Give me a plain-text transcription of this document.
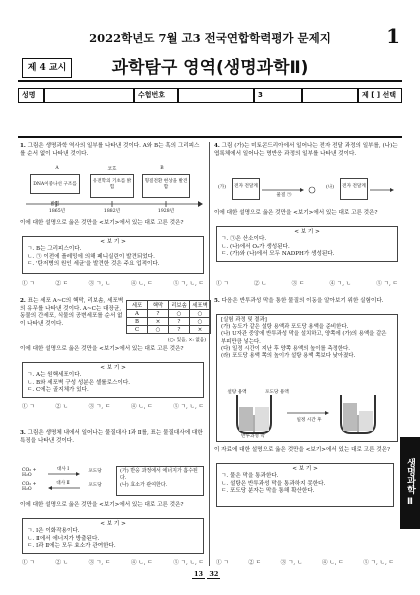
2022학년도 7월 고3 전국연합학력평가 문제지	1
제 4 교시	과학탐구 영역(생명과학Ⅱ)
성명	수험번호	3	제 [ ] 선택
1. 그림은 생명과학 역사의 일부를 나타낸 것이다. A와 B는 혹의 그리피스를 순서 없이 나타낸 것이다.
A	코흐	B
DNA이중나선 구조를 밝힘
유전학의 기초를 밝힘
형질전환 현상을 발견함
1865년	1882년	1928년
이에 대한 설명으로 옳은 것만을 <보기>에서 있는 대로 고른 것은?
< 보 기 >
ㄱ. B는 그리피스이다.
ㄴ. ㉠ 이전에 플레밍에 의해 페니실린이 발견되었다.
ㄷ. '탄저병의 원인 세균'을 발견한 것은 주요 업적이다.
① ㄱ	② ㄷ	③ ㄱ, ㄴ	④ ㄴ, ㄷ	⑤ ㄱ, ㄴ, ㄷ
2. 표는 세포 A~C의 핵막, 리보솜, 세포벽의 유무를 나타낸 것이다. A~C는 대장균, 동물의 간세포, 식물의 공변세포를 순서 없이 나타낸 것이다.
세포	핵막	리보솜	세포벽
A	?	○	○
B	×	?	○
C	○	?	×
(○: 있음, ×: 없음)
이에 대한 설명으로 옳은 것만을 <보기>에서 있는 대로 고른 것은?
< 보 기 >
ㄱ. A는 원핵세포이다.
ㄴ. B와 세포벽 구성 성분은 셀룰로스이다.
ㄷ. C에는 골지체가 있다.
① ㄱ	② ㄴ	③ ㄱ, ㄷ	④ ㄴ, ㄷ	⑤ ㄱ, ㄴ, ㄷ
3. 그림은 생명체 내에서 일어나는 물질대사 Ⅰ과 Ⅱ를, 표는 물질대사에 대한 특징을 나타낸 것이다.
CO₂ + H₂O
대사 Ⅰ	포도당
CO₂ + H₂O
대사 Ⅱ	포도당
(가) 반응 과정에서 에너지가 흡수된다.
(나) 효소가 관여한다.
이에 대한 설명으로 옳은 것만을 <보기>에서 있는 대로 고른 것은?
< 보 기 >
ㄱ. Ⅰ은 이화작용이다.
ㄴ. Ⅱ에서 에너지가 방출된다.
ㄷ. Ⅰ과 Ⅱ에는 모두 효소가 관여한다.
① ㄱ	② ㄴ	③ ㄱ, ㄷ	④ ㄴ, ㄷ	⑤ ㄱ, ㄴ, ㄷ
4. 그림 (가)는 미토콘드리아에서 일어나는 전자 전달 과정의 일부를, (나)는 엽록체에서 일어나는 명반응 과정의 일부를 나타낸 것이다.
(가)	전자 전달계
물질 ㉠
(나)	전자 전달계
이에 대한 설명으로 옳은 것만을 <보기>에서 있는 대로 고른 것은?
< 보 기 >
ㄱ. ㉠은 산소이다.
ㄴ. (나)에서 O₂가 생성된다.
ㄷ. (가)와 (나)에서 모두 NADPH가 생성된다.
① ㄱ	② ㄴ	③ ㄷ	④ ㄱ, ㄴ	⑤ ㄱ, ㄷ
5. 다음은 반투과성 막을 통한 물질의 이동을 알아보기 위한 실험이다.
[실험 과정 및 결과]
(가) 농도가 같은 설탕 용액과 포도당 용액을 준비한다.
(나) U자관 중앙에 반투과성 막을 설치하고, 양쪽에 (가)의 용액을 같은 부피만큼 넣는다.
(다) 일정 시간이 지난 후 양쪽 용액의 높이를 측정한다.
(라) 포도당 용액 쪽의 높이가 설탕 용액 쪽보다 낮아졌다.
설탕 용액	포도당 용액
일정 시간 후
반투과성 막
이 자료에 대한 설명으로 옳은 것만을 <보기>에서 있는 대로 고른 것은?
< 보 기 >
ㄱ. 물은 막을 통과한다.
ㄴ. 설탕은 반투과성 막을 통과하지 못한다.
ㄷ. 포도당 분자는 막을 통해 확산한다.
① ㄱ	② ㄷ	③ ㄱ, ㄴ	④ ㄴ, ㄷ	⑤ ㄱ, ㄴ, ㄷ
생명과학 Ⅱ
13 32
